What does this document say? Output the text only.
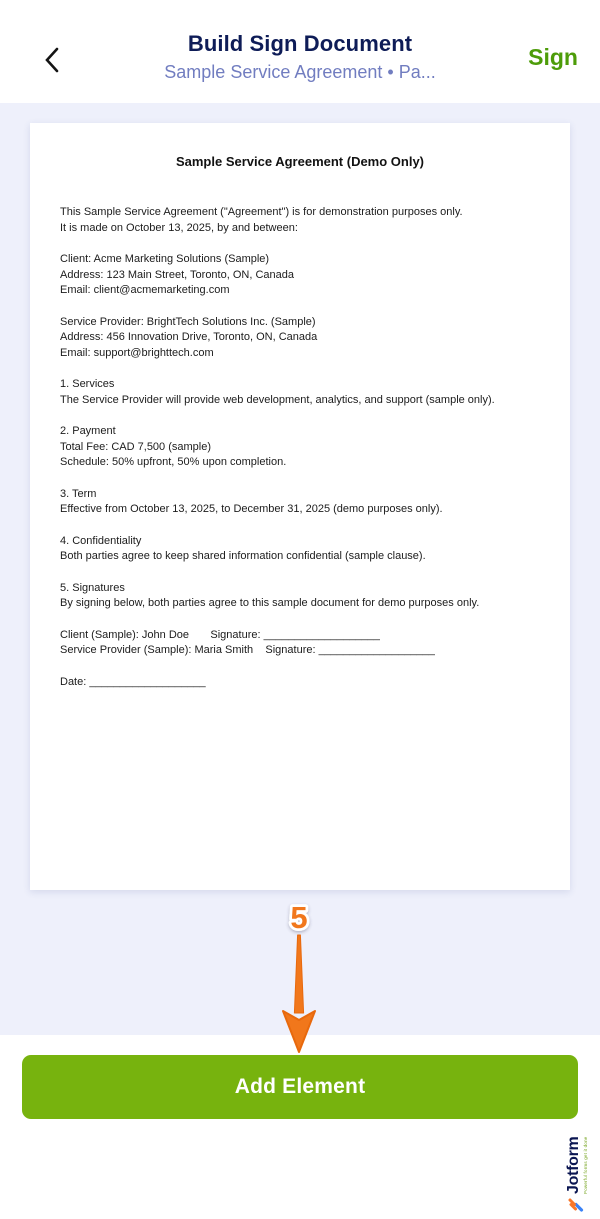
Build Sign Document
Sample Service Agreement • Pa...
Sign
Sample Service Agreement (Demo Only)
This Sample Service Agreement ("Agreement") is for demonstration purposes only.
It is made on October 13, 2025, by and between:
Client: Acme Marketing Solutions (Sample)
Address: 123 Main Street, Toronto, ON, Canada
Email: client@acmemarketing.com
Service Provider: BrightTech Solutions Inc. (Sample)
Address: 456 Innovation Drive, Toronto, ON, Canada
Email: support@brighttech.com
1. Services
The Service Provider will provide web development, analytics, and support (sample only).
2. Payment
Total Fee: CAD 7,500 (sample)
Schedule: 50% upfront, 50% upon completion.
3. Term
Effective from October 13, 2025, to December 31, 2025 (demo purposes only).
4. Confidentiality
Both parties agree to keep shared information confidential (sample clause).
5. Signatures
By signing below, both parties agree to this sample document for demo purposes only.
Client (Sample): John Doe       Signature: ___________________
Service Provider (Sample): Maria Smith    Signature: ___________________
Date: ___________________
5
Add Element
Jotform Powerful forms get it done
